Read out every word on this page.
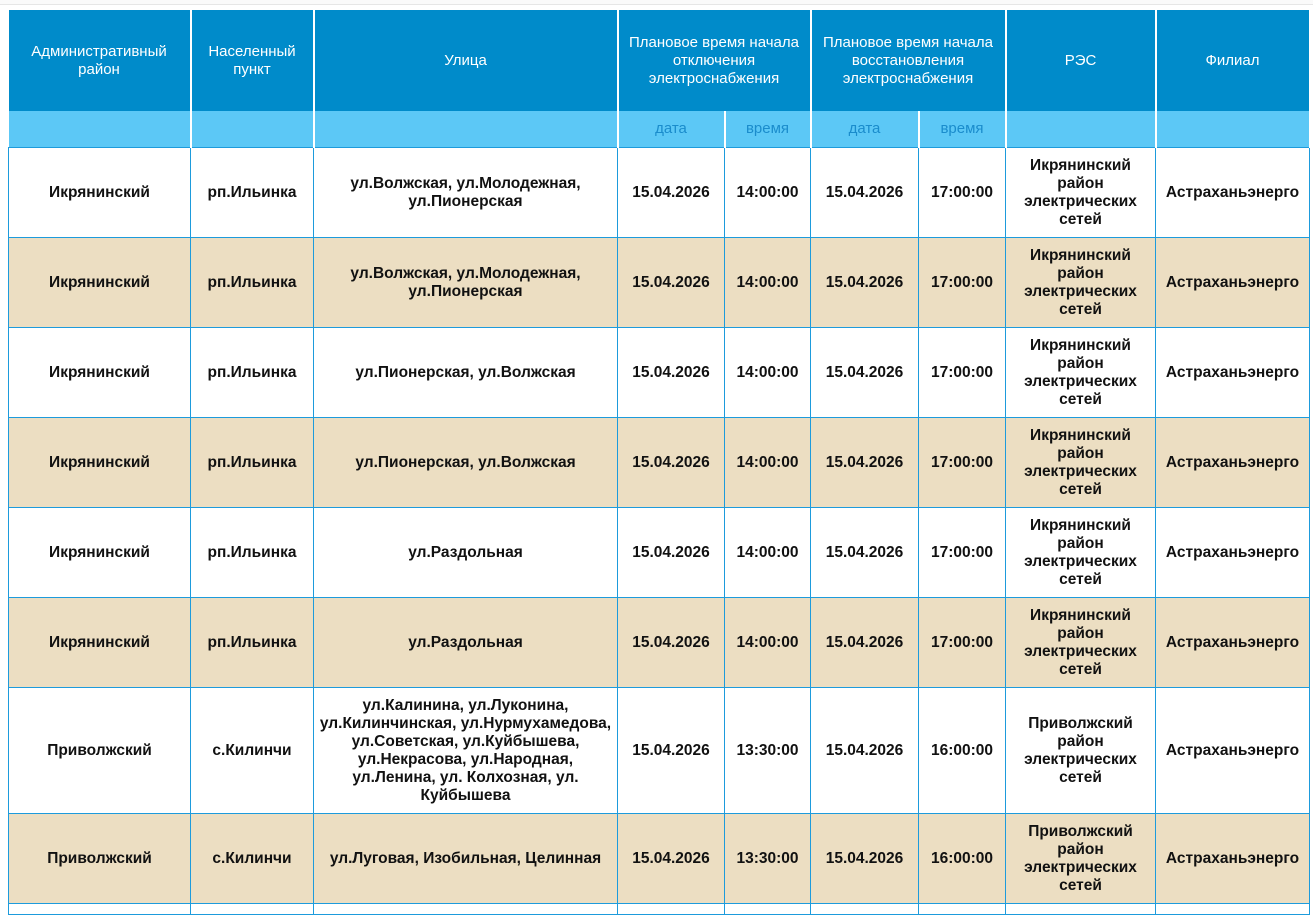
Административный район	Населенный пункт	Улица	Плановое время начала отключения электроснабжения		Плановое время начала восстановления электроснабжения		РЭС	Филиал
			дата	время	дата	время		
Икрянинский	рп.Ильинка	ул.Волжская, ул.Молодежная, ул.Пионерская	15.04.2026	14:00:00	15.04.2026	17:00:00	Икрянинский район электрических сетей	Астраханьэнерго
Икрянинский	рп.Ильинка	ул.Волжская, ул.Молодежная, ул.Пионерская	15.04.2026	14:00:00	15.04.2026	17:00:00	Икрянинский район электрических сетей	Астраханьэнерго
Икрянинский	рп.Ильинка	ул.Пионерская, ул.Волжская	15.04.2026	14:00:00	15.04.2026	17:00:00	Икрянинский район электрических сетей	Астраханьэнерго
Икрянинский	рп.Ильинка	ул.Пионерская, ул.Волжская	15.04.2026	14:00:00	15.04.2026	17:00:00	Икрянинский район электрических сетей	Астраханьэнерго
Икрянинский	рп.Ильинка	ул.Раздольная	15.04.2026	14:00:00	15.04.2026	17:00:00	Икрянинский район электрических сетей	Астраханьэнерго
Икрянинский	рп.Ильинка	ул.Раздольная	15.04.2026	14:00:00	15.04.2026	17:00:00	Икрянинский район электрических сетей	Астраханьэнерго
Приволжский	с.Килинчи	ул.Калинина, ул.Луконина, ул.Килинчинская, ул.Нурмухамедова, ул.Советская, ул.Куйбышева, ул.Некрасова, ул.Народная, ул.Ленина, ул. Колхозная, ул. Куйбышева	15.04.2026	13:30:00	15.04.2026	16:00:00	Приволжский район электрических сетей	Астраханьэнерго
Приволжский	с.Килинчи	ул.Луговая, Изобильная, Целинная	15.04.2026	13:30:00	15.04.2026	16:00:00	Приволжский район электрических сетей	Астраханьэнерго
